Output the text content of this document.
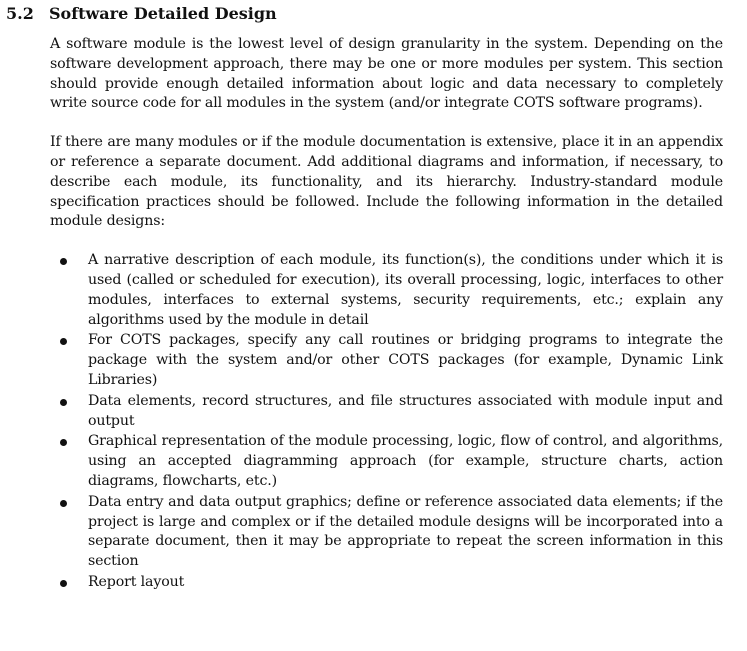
5.2 Software Detailed Design

A software module is the lowest level of design granularity in the system. Depending on the software development approach, there may be one or more modules per system. This section should provide enough detailed information about logic and data necessary to completely write source code for all modules in the system (and/or integrate COTS software programs).

If there are many modules or if the module documentation is extensive, place it in an appendix or reference a separate document. Add additional diagrams and information, if necessary, to describe each module, its functionality, and its hierarchy. Industry-standard module specification practices should be followed. Include the following information in the detailed module designs:

A narrative description of each module, its function(s), the conditions under which it is used (called or scheduled for execution), its overall processing, logic, interfaces to other modules, interfaces to external systems, security requirements, etc.; explain any algorithms used by the module in detail
For COTS packages, specify any call routines or bridging programs to integrate the package with the system and/or other COTS packages (for example, Dynamic Link Libraries)
Data elements, record structures, and file structures associated with module input and output
Graphical representation of the module processing, logic, flow of control, and algorithms, using an accepted diagramming approach (for example, structure charts, action diagrams, flowcharts, etc.)
Data entry and data output graphics; define or reference associated data elements; if the project is large and complex or if the detailed module designs will be incorporated into a separate document, then it may be appropriate to repeat the screen information in this section
Report layout
